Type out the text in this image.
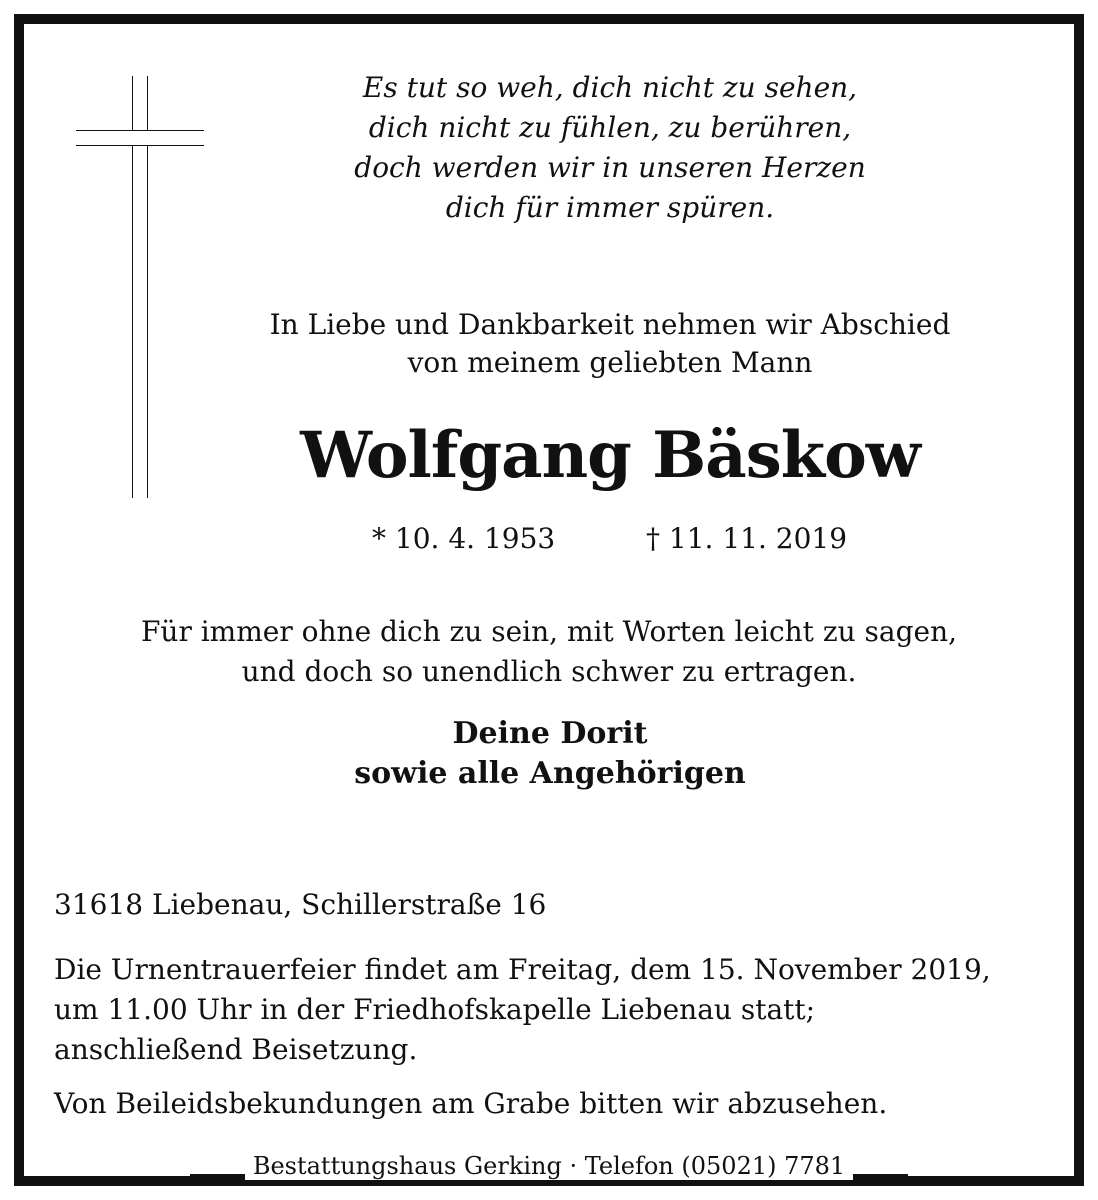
Es tut so weh, dich nicht zu sehen,
dich nicht zu fühlen, zu berühren,
doch werden wir in unseren Herzen
dich für immer spüren.
In Liebe und Dankbarkeit nehmen wir Abschied
von meinem geliebten Mann
Wolfgang Bäskow
* 10. 4. 1953	† 11. 11. 2019
Für immer ohne dich zu sein, mit Worten leicht zu sagen,
und doch so unendlich schwer zu ertragen.
Deine Dorit
sowie alle Angehörigen
31618 Liebenau, Schillerstraße 16
Die Urnentrauerfeier findet am Freitag, dem 15. November 2019,
um 11.00 Uhr in der Friedhofskapelle Liebenau statt;
anschließend Beisetzung.
Von Beileidsbekundungen am Grabe bitten wir abzusehen.
Bestattungshaus Gerking · Telefon (05021) 7781
